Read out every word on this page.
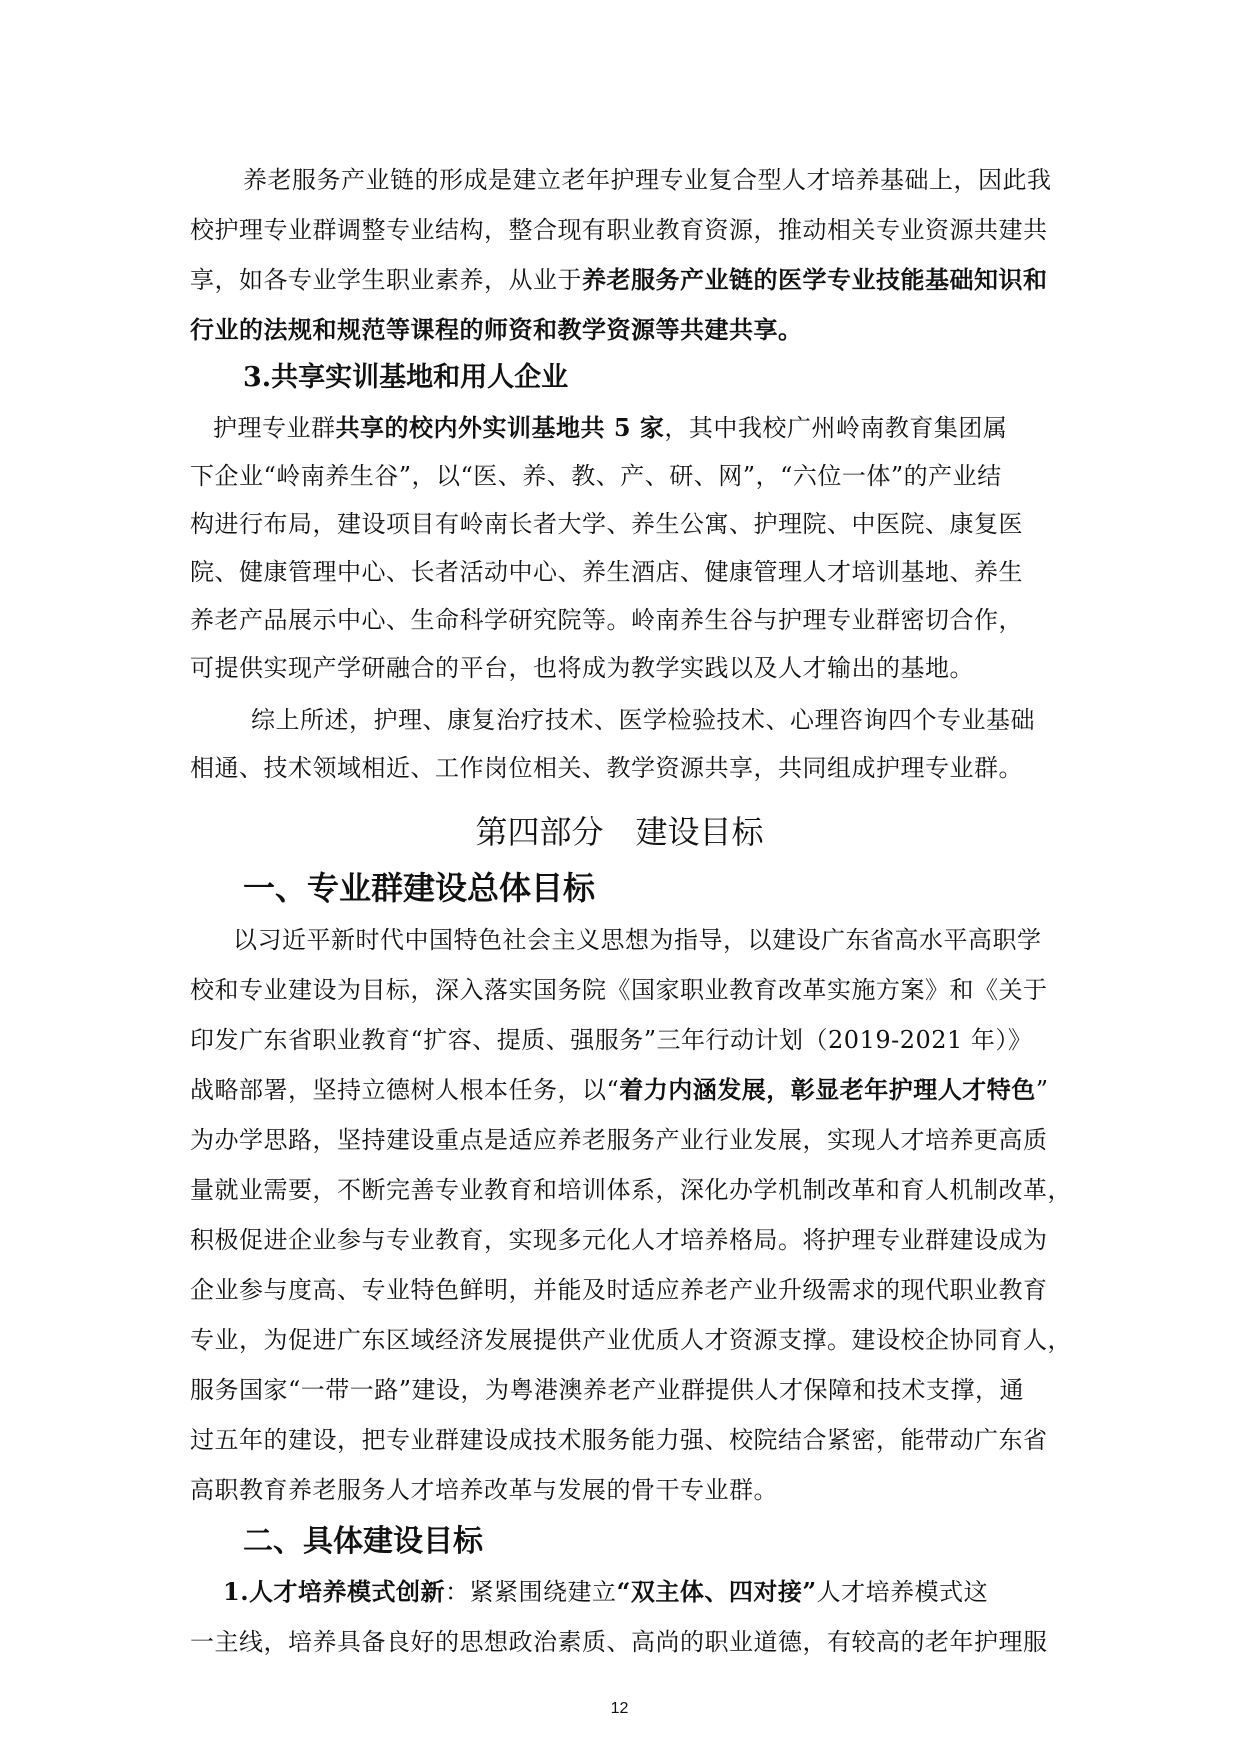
养老服务产业链的形成是建立老年护理专业复合型人才培养基础上，因此我
校护理专业群调整专业结构，整合现有职业教育资源，推动相关专业资源共建共
享，如各专业学生职业素养，从业于养老服务产业链的医学专业技能基础知识和
行业的法规和规范等课程的师资和教学资源等共建共享。
3.共享实训基地和用人企业
护理专业群共享的校内外实训基地共 5 家，其中我校广州岭南教育集团属
下企业“岭南养生谷”，以“医、养、教、产、研、网”，“六位一体”的产业结
构进行布局，建设项目有岭南长者大学、养生公寓、护理院、中医院、康复医
院、健康管理中心、长者活动中心、养生酒店、健康管理人才培训基地、养生
养老产品展示中心、生命科学研究院等。岭南养生谷与护理专业群密切合作，
可提供实现产学研融合的平台，也将成为教学实践以及人才输出的基地。
综上所述，护理、康复治疗技术、医学检验技术、心理咨询四个专业基础
相通、技术领域相近、工作岗位相关、教学资源共享，共同组成护理专业群。
第四部分　建设目标
一、专业群建设总体目标
以习近平新时代中国特色社会主义思想为指导，以建设广东省高水平高职学
校和专业建设为目标，深入落实国务院《国家职业教育改革实施方案》和《关于
印发广东省职业教育“扩容、提质、强服务”三年行动计划（2019-2021 年）》
战略部署，坚持立德树人根本任务，以“着力内涵发展，彰显老年护理人才特色”
为办学思路，坚持建设重点是适应养老服务产业行业发展，实现人才培养更高质
量就业需要，不断完善专业教育和培训体系，深化办学机制改革和育人机制改革，
积极促进企业参与专业教育，实现多元化人才培养格局。将护理专业群建设成为
企业参与度高、专业特色鲜明，并能及时适应养老产业升级需求的现代职业教育
专业，为促进广东区域经济发展提供产业优质人才资源支撑。建设校企协同育人，
服务国家“一带一路”建设，为粤港澳养老产业群提供人才保障和技术支撑，通
过五年的建设，把专业群建设成技术服务能力强、校院结合紧密，能带动广东省
高职教育养老服务人才培养改革与发展的骨干专业群。
二、具体建设目标
12
1.人才培养模式创新：紧紧围绕建立“双主体、四对接”人才培养模式这
一主线，培养具备良好的思想政治素质、高尚的职业道德，有较高的老年护理服
